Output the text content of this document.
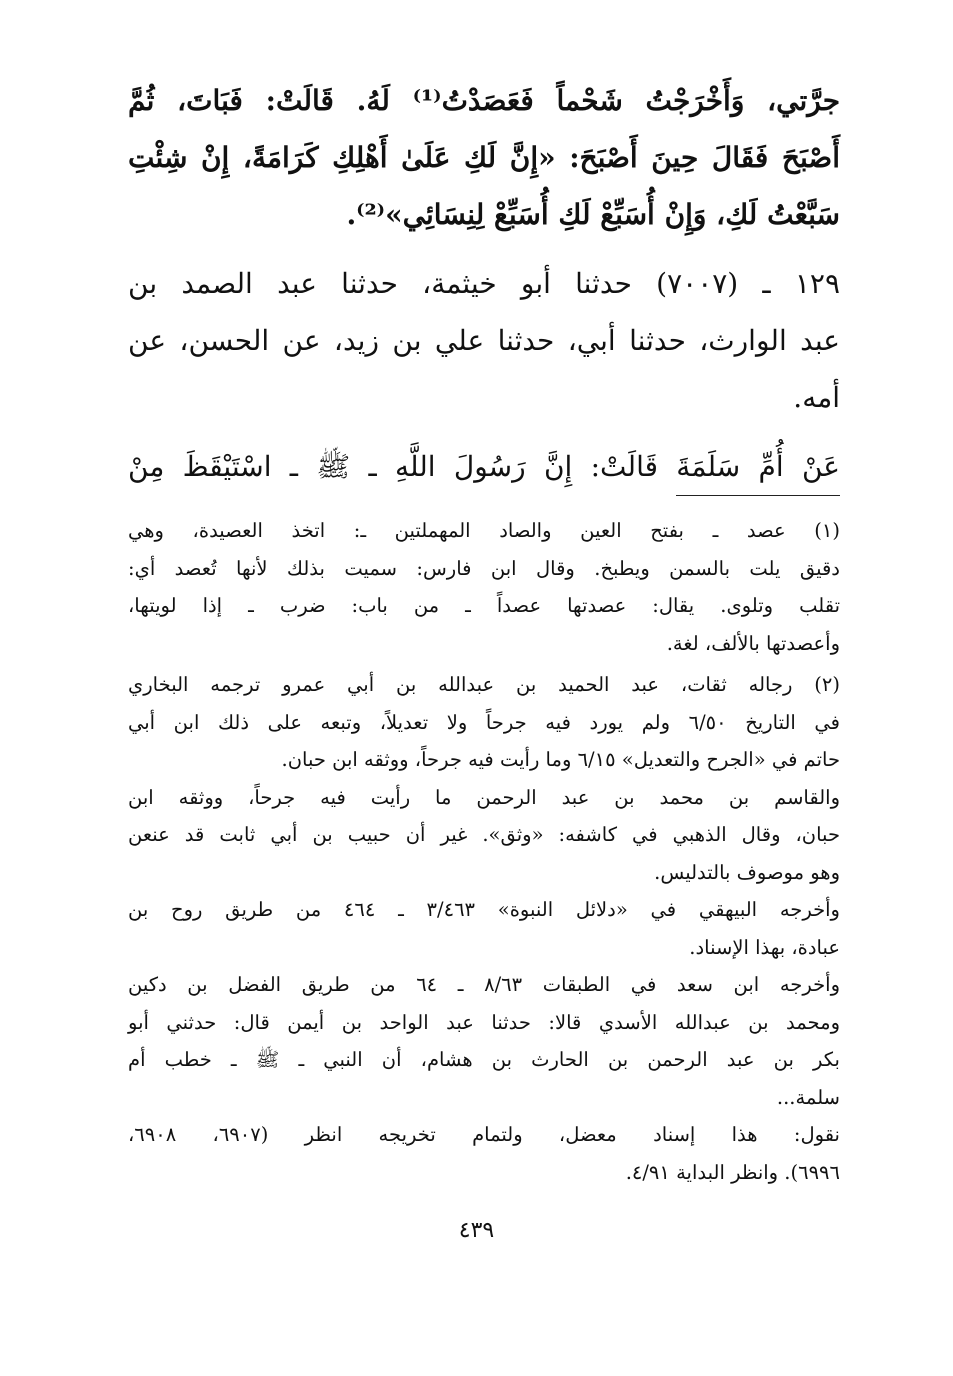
جرَّتي، وَأَخْرَجْتُ شَحْماً فَعَصَدْتُ⁽¹⁾ لَهُ. قَالَتْ: فَبَاتَ، ثُمَّ
أَصْبَحَ فَقَالَ حِينَ أَصْبَحَ: «إِنَّ لَكِ عَلَىٰ أَهْلِكِ كَرَامَةً، إِنْ شِئْتِ
سَبَّعْتُ لَكِ، وَإِنْ أُسَبِّعْ لَكِ أُسَبِّعْ لِنِسَائِي»⁽²⁾.
١٢٩ ـ (٧٠٠٧) حدثنا أبو خيثمة، حدثنا عبد الصمد بن
عبد الوارث، حدثنا أبي، حدثنا علي بن زيد، عن الحسن، عن
أمه.
عَنْ أُمِّ سَلَمَةَ قَالَتْ: إِنَّ رَسُولَ اللَّهِ ـ ﷺ ـ اسْتَيْقَظَ مِنْ
(١) عصد ـ بفتح العين والصاد المهملتين ـ: اتخذ العصيدة، وهي
دقيق يلت بالسمن ويطبخ. وقال ابن فارس: سميت بذلك لأنها تُعصد أي:
تقلب وتلوى. يقال: عصدتها عصداً ـ من باب: ضرب ـ إذا لويتها،
وأعصدتها بالألف، لغة.
(٢) رجاله ثقات، عبد الحميد بن عبدالله بن أبي عمرو ترجمه البخاري
في التاريخ ٦/٥٠ ولم يورد فيه جرحاً ولا تعديلاً، وتبعه على ذلك ابن أبي
حاتم في «الجرح والتعديل» ٦/١٥ وما رأيت فيه جرحاً، ووثقه ابن حبان.
والقاسم بن محمد بن عبد الرحمن ما رأيت فيه جرحاً، ووثقه ابن
حبان، وقال الذهبي في كاشفه: «وثق». غير أن حبيب بن أبي ثابت قد عنعن
وهو موصوف بالتدليس.
وأخرجه البيهقي في «دلائل النبوة» ٣/٤٦٣ ـ ٤٦٤ من طريق روح بن
عبادة، بهذا الإسناد.
وأخرجه ابن سعد في الطبقات ٨/٦٣ ـ ٦٤ من طريق الفضل بن دكين
ومحمد بن عبدالله الأسدي قالا: حدثنا عبد الواحد بن أيمن قال: حدثني أبو
بكر بن عبد الرحمن بن الحارث بن هشام، أن النبي ـ ﷺ ـ خطب أم
سلمة...
نقول: هذا إسناد معضل، ولتمام تخريجه انظر (٦٩٠٧، ٦٩٠٨،
٦٩٩٦). وانظر البداية ٤/٩١.
٤٣٩
